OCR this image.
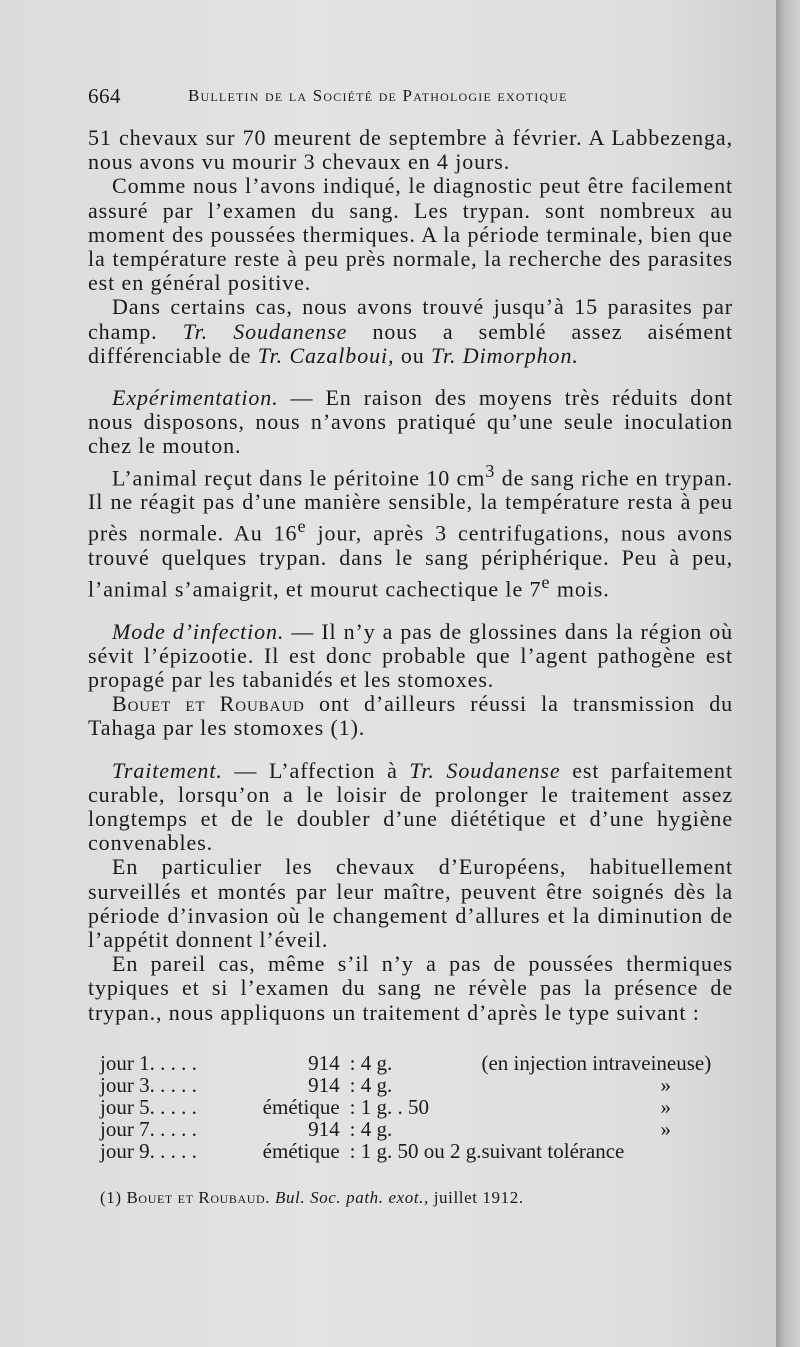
664	Bulletin de la Société de Pathologie exotique

51 chevaux sur 70 meurent de septembre à février. A Labbezenga, nous avons vu mourir 3 chevaux en 4 jours.

Comme nous l’avons indiqué, le diagnostic peut être facilement assuré par l’examen du sang. Les trypan. sont nombreux au moment des poussées thermiques. A la période terminale, bien que la température reste à peu près normale, la recherche des parasites est en général positive.

Dans certains cas, nous avons trouvé jusqu’à 15 parasites par champ. Tr. Soudanense nous a semblé assez aisément différenciable de Tr. Cazalboui, ou Tr. Dimorphon.

Expérimentation. — En raison des moyens très réduits dont nous disposons, nous n’avons pratiqué qu’une seule inoculation chez le mouton.

L’animal reçut dans le péritoine 10 $cm^3$ de sang riche en trypan. Il ne réagit pas d’une manière sensible, la température resta à peu près normale. Au 16e jour, après 3 centrifugations, nous avons trouvé quelques trypan. dans le sang périphérique. Peu à peu, l’animal s’amaigrit, et mourut cachectique le 7e mois.

Mode d’infection. — Il n’y a pas de glossines dans la région où sévit l’épizootie. Il est donc probable que l’agent pathogène est propagé par les tabanidés et les stomoxes.

Bouet et Roubaud ont d’ailleurs réussi la transmission du Tahaga par les stomoxes (1).

Traitement. — L’affection à Tr. Soudanense est parfaitement curable, lorsqu’on a le loisir de prolonger le traitement assez longtemps et de le doubler d’une diététique et d’une hygiène convenables.

En particulier les chevaux d’Européens, habituellement surveillés et montés par leur maître, peuvent être soignés dès la période d’invasion où le changement d’allures et la diminution de l’appétit donnent l’éveil.

En pareil cas, même s’il n’y a pas de poussées thermiques typiques et si l’examen du sang ne révèle pas la présence de trypan., nous appliquons un traitement d’après le type suivant :

jour 1. . . . .	914	: 4 g.	(en injection intraveineuse)
jour 3. . . . .	914	: 4 g.	»
jour 5. . . . .	émétique	: 1 g. . 50	»
jour 7. . . . .	914	: 4 g.	»
jour 9. . . . .	émétique	: 1 g. 50 ou 2 g.	suivant tolérance
(1) Bouet et Roubaud. Bul. Soc. path. exot., juillet 1912.
